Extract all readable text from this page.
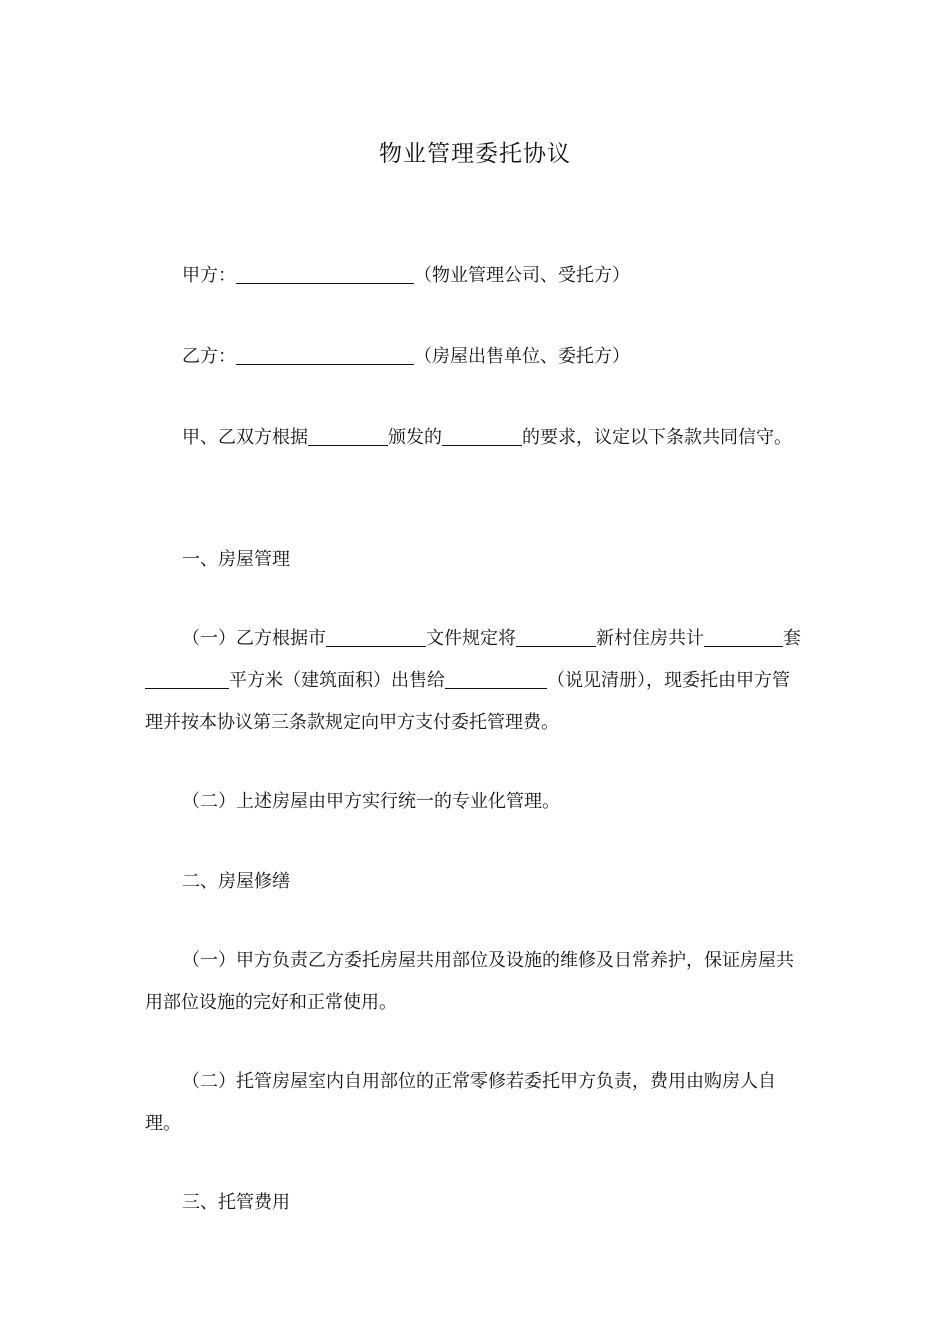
物业管理委托协议

甲方：	（物业管理公司、受托方）

乙方：	（房屋出售单位、委托方）

甲、乙双方根据	颁发的	的要求，议定以下条款共同信守。

一、房屋管理

（一）乙方根据市	文件规定将	新村住房共计	套平方米（建筑面积）出售给	（说见清册），现委托由甲方管理并按本协议第三条款规定向甲方支付委托管理费。

（二）上述房屋由甲方实行统一的专业化管理。

二、房屋修缮

（一）甲方负责乙方委托房屋共用部位及设施的维修及日常养护，保证房屋共用部位设施的完好和正常使用。

（二）托管房屋室内自用部位的正常零修若委托甲方负责，费用由购房人自理。

三、托管费用
